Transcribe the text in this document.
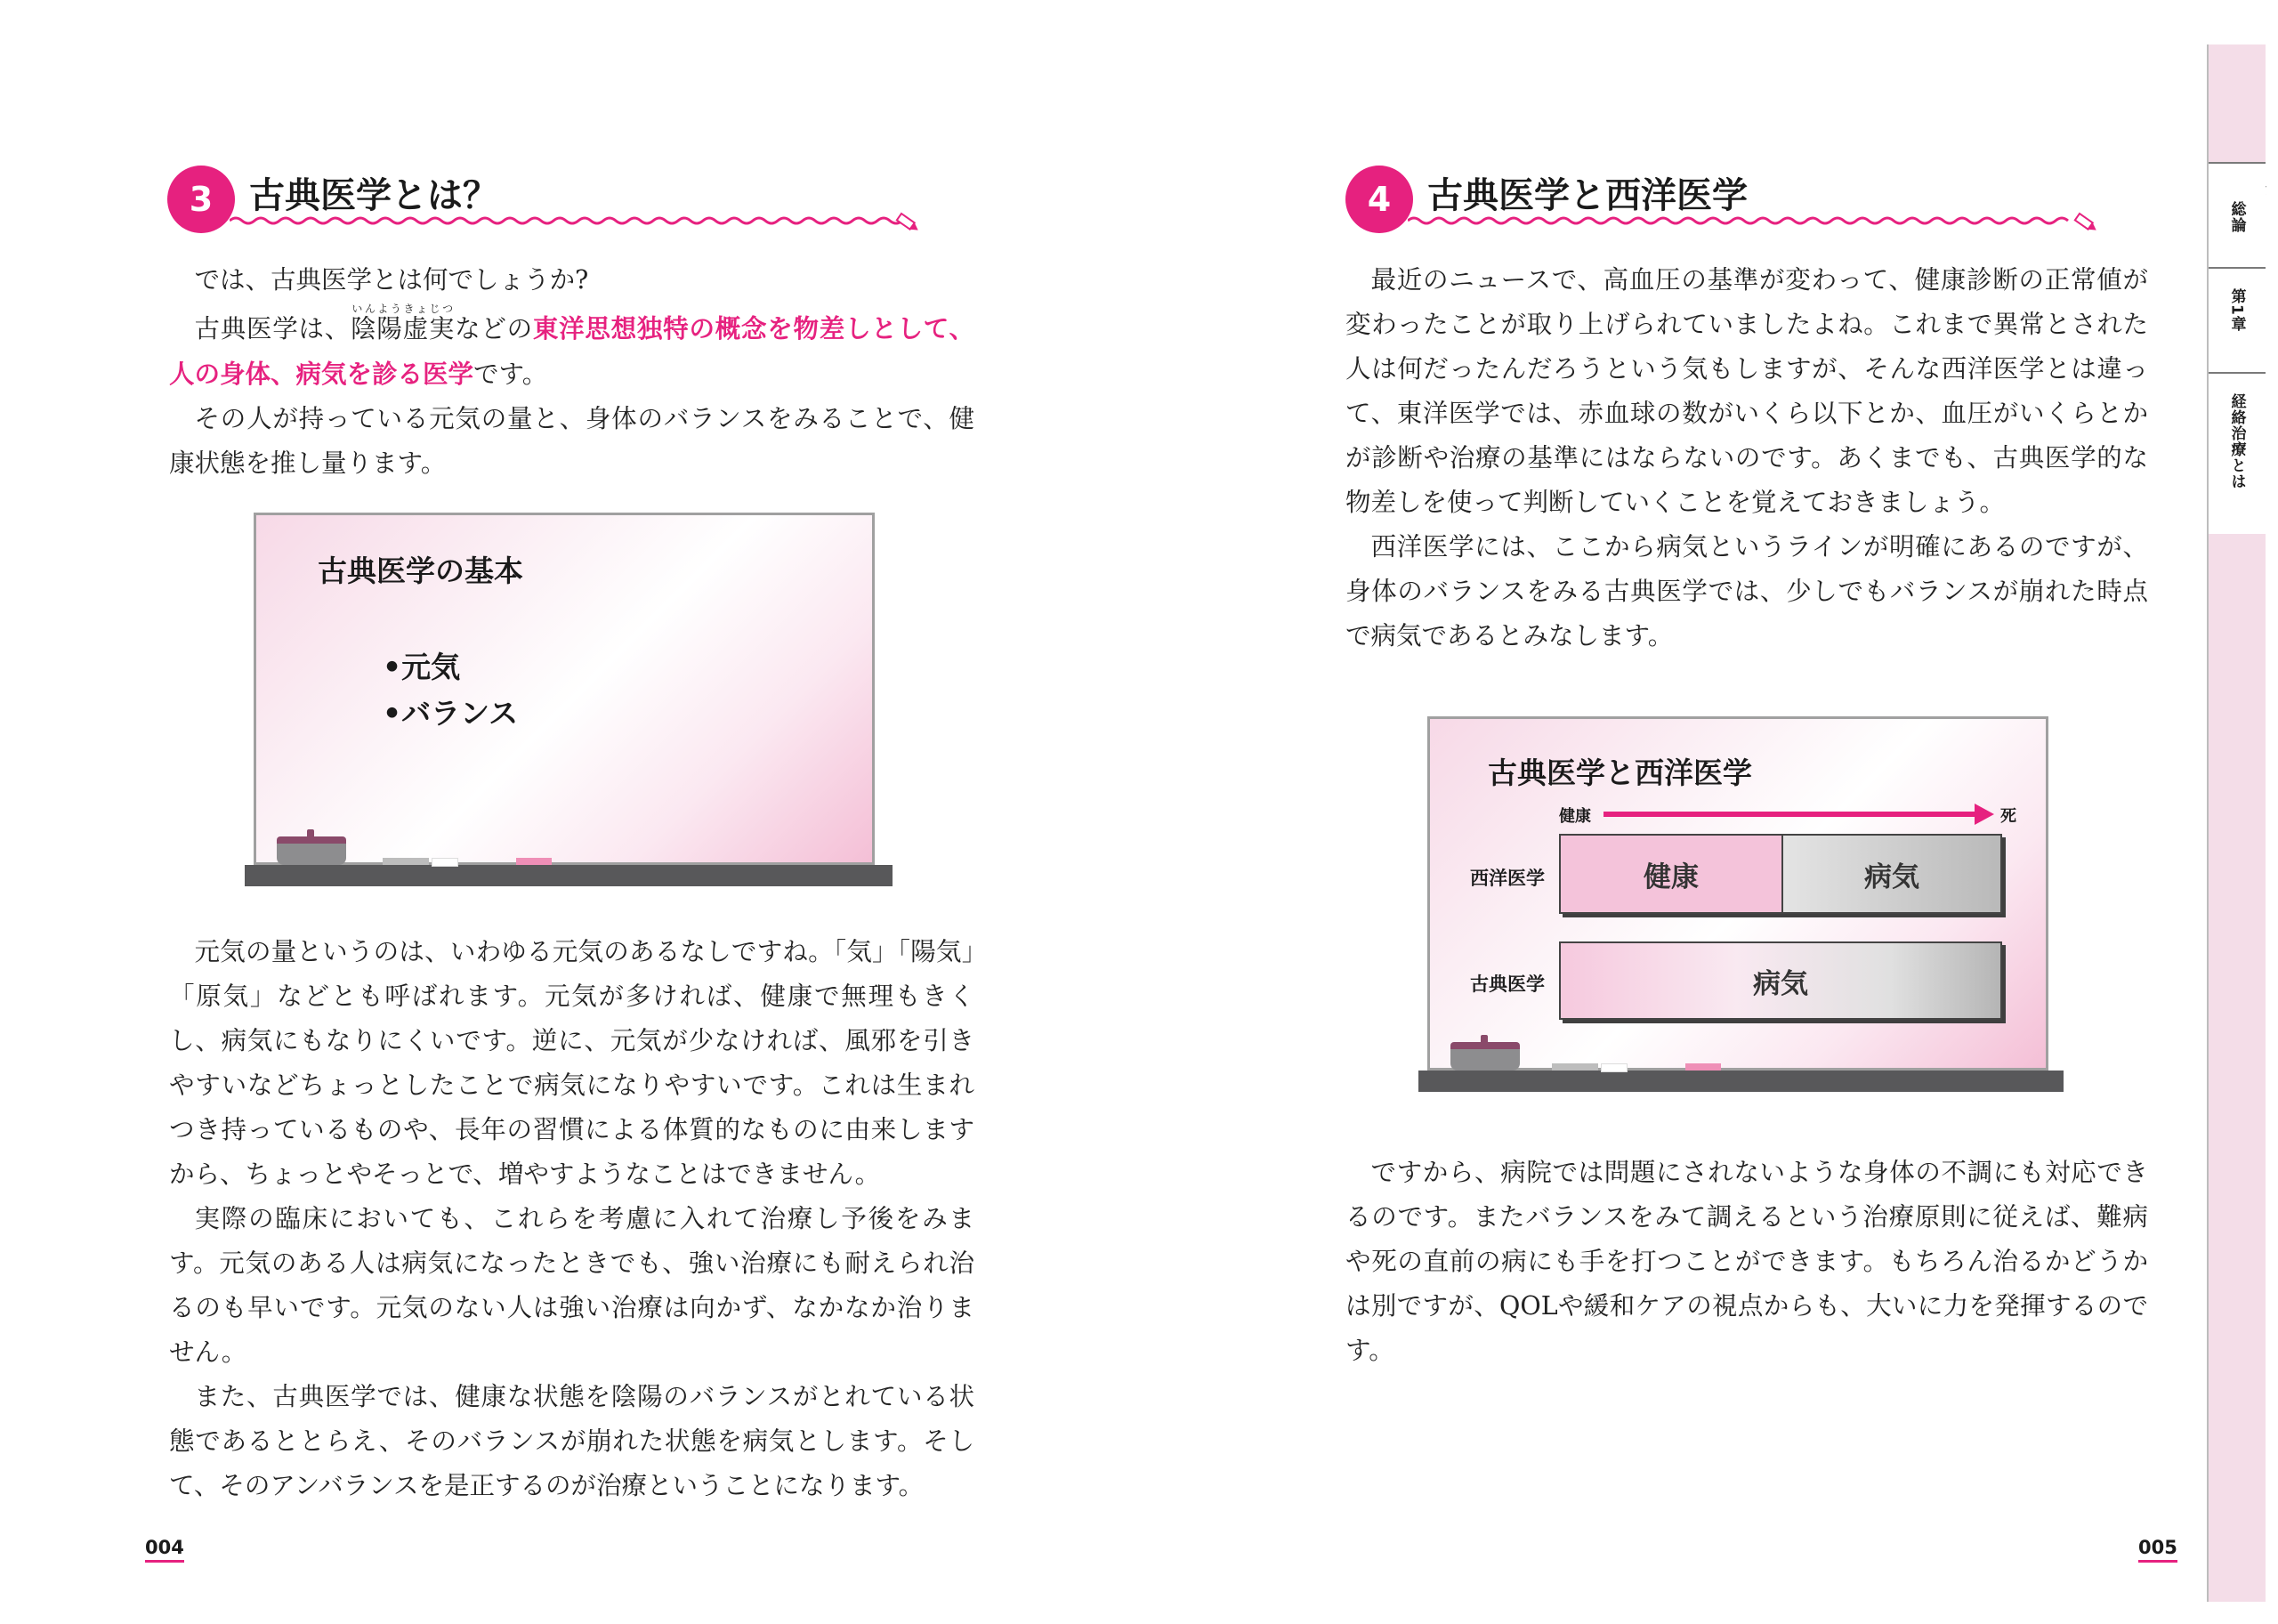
3	古典医学とは？

では、古典医学とは何でしょうか?

古典医学は、陰陽虚実いんようきょじつなどの東洋思想独特の概念を物差しとして、人の身体、病気を診る医学です。

その人が持っている元気の量と、身体のバランスをみることで、健康状態を推し量ります。

古典医学の基本
•元気
•バランス

元気の量というのは、いわゆる元気のあるなしですね。「気」「陽気」「原気」などとも呼ばれます。元気が多ければ、健康で無理もきくし、病気にもなりにくいです。逆に、元気が少なければ、風邪を引きやすいなどちょっとしたことで病気になりやすいです。これは生まれつき持っているものや、長年の習慣による体質的なものに由来しますから、ちょっとやそっとで、増やすようなことはできません。

実際の臨床においても、これらを考慮に入れて治療し予後をみます。元気のある人は病気になったときでも、強い治療にも耐えられ治るのも早いです。元気のない人は強い治療は向かず、なかなか治りません。

また、古典医学では、健康な状態を陰陽のバランスがとれている状態であるととらえ、そのバランスが崩れた状態を病気とします。そして、そのアンバランスを是正するのが治療ということになります。

004
4	古典医学と西洋医学

最近のニュースで、高血圧の基準が変わって、健康診断の正常値が変わったことが取り上げられていましたよね。これまで異常とされた人は何だったんだろうという気もしますが、そんな西洋医学とは違って、東洋医学では、赤血球の数がいくら以下とか、血圧がいくらとかが診断や治療の基準にはならないのです。あくまでも、古典医学的な物差しを使って判断していくことを覚えておきましょう。

西洋医学には、ここから病気というラインが明確にあるのですが、身体のバランスをみる古典医学では、少しでもバランスが崩れた時点で病気であるとみなします。

古典医学と西洋医学
健康	死
西洋医学	健康	病気
古典医学	病気

ですから、病院では問題にされないような身体の不調にも対応できるのです。またバランスをみて調えるという治療原則に従えば、難病や死の直前の病にも手を打つことができます。もちろん治るかどうかは別ですが、QOLや緩和ケアの視点からも、大いに力を発揮するのです。

005
総論
第1章
経絡治療とは
